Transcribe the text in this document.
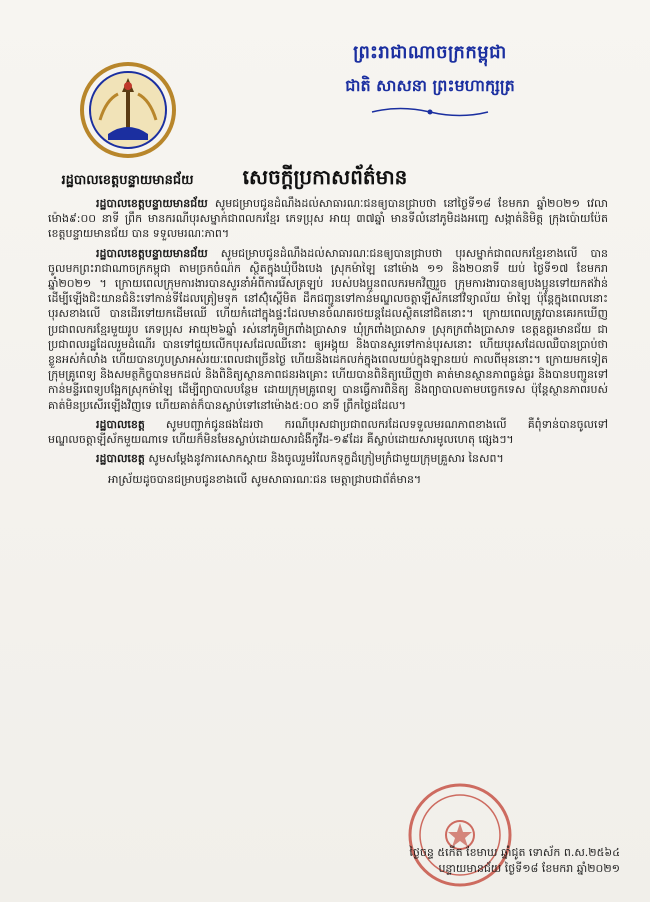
រដ្ឋបាលខេត្តបន្ទាយមានជ័យ
ព្រះរាជាណាចក្រកម្ពុជា
ជាតិ សាសនា ព្រះមហាក្សត្រ
សេចក្តីប្រកាសព័ត៌មាន

រដ្ឋបាលខេត្តបន្ទាយមានជ័យ សូមជម្រាបជូនដំណឹងដល់សាធារណៈជនឲ្យបានជ្រាបថា នៅថ្ងៃទី១៨ ខែមករា ឆ្នាំ២០២១ វេលាម៉ោង៩:០០ នាទី ព្រឹក មានករណីបុរសម្នាក់ជាពលករខ្មែរ ភេទប្រុស អាយុ ៣៧ឆ្នាំ មានទីលំនៅភូមិដងអញ្ជេ សង្កាត់និមិត្ត ក្រុងប៉ោយប៉ែត ខេត្តបន្ទាយមានជ័យ បាន ទទួលមរណៈភាព។

រដ្ឋបាលខេត្តបន្ទាយមានជ័យ សូមជម្រាបជូនដំណឹងដល់សាធារណៈជនឲ្យបានជ្រាបថា បុរសម្នាក់ជាពលករខ្មែរខាងលើ បានចូលមកព្រះរាជាណាចក្រកម្ពុជា តាមច្រកចំណ៉ក ស្ថិតក្នុងឃុំបឹងបេង ស្រុកម៉ាឡៃ នៅម៉ោង ១១ និង២០នាទី យប់ ថ្ងៃទី១៧ ខែមករា ឆ្នាំ២០២១ ។ ក្រោយពេលក្រុមការងារបានសួរនាំអំពីការរើសត្រឡប់ របស់បងប្អូនពលករមកវិញរួច ក្រុមការងារបានឲ្យបងប្អូនទៅយកឥវ៉ាន់ដើម្បីឡើងជិះយានជំនិះទៅកាន់ទីដែលត្រៀមទុក នៅស៊ុំស្ពើមិត ដឹកជញ្ជូនទៅកាន់មណ្ឌលចត្តាឡីស័កនៅវិទ្យាល័យ ម៉ាឡៃ ប៉ុន្តែក្នុងពេលនោះបុរសខាងលើ បានដើរទៅយកដើមឈើ ហើយកំដៅក្នុងផ្ទះដែលមានចំណតរថយន្តដែលស្ថិតនៅជិតនោះ។ ក្រោយពេលត្រូវបានគេរកឃើញ ប្រជាពលករខ្មែរមួយរូប ភេទប្រុស អាយុ២៦ឆ្នាំ រស់នៅភូមិក្រពាំងប្រាសាទ ឃុំក្រពាំងប្រាសាទ ស្រុកក្រពាំងប្រាសាទ ខេត្តឧត្តរមានជ័យ ជាប្រជាពលរដ្ឋដែលរួមដំណើរ បានទៅជួយលើកបុរសដែលឈឺនោះ ឲ្យអង្គុយ និងបានសួរទៅកាន់បុរសនោះ ហើយបុរសដែលឈឺបានប្រាប់ថា ខ្លួនអស់កំលាំង ហើយបានហូបស្រាអស់រយៈពេលជាច្រើនថ្ងៃ ហើយនិងដេកលក់ក្នុងពេលយប់ក្នុងឡានយប់ កាលពីមុននោះ។ ក្រោយមកទៀតក្រុមគ្រូពេទ្យ និងសមត្ថកិច្ចបានមកដល់ និងពិនិត្យស្ថានភាពជនរងគ្រោះ ហើយបានពិនិត្យឃើញថា គាត់មានស្ថានភាពធ្ងន់ធ្ងរ និងបានបញ្ជូនទៅកាន់មន្ទីរពេទ្យបង្អែកស្រុកម៉ាឡៃ ដើម្បីព្យាបាលបន្ថែម ដោយក្រុមគ្រូពេទ្យ បានធ្វើការពិនិត្យ និងព្យាបាលតាមបច្ចេកទេស ប៉ុន្តែស្ថានភាពរបស់គាត់មិនប្រសើរឡើងវិញទេ ហើយគាត់ក៏បានស្លាប់ទៅនៅម៉ោង៥:០០ នាទី ព្រឹកថ្ងៃដដែល។

រដ្ឋបាលខេត្ត សូមបញ្ជាក់ជូនផងដែរថា ករណីបុរសជាប្រជាពលករដែលទទួលមរណភាពខាងលើ គឺពុំទាន់បានចូលទៅមណ្ឌលចត្តាឡីស័កមួយណាទេ ហើយក៏មិនមែនស្លាប់ដោយសារជំងឺកូវីដ-១៩ដែរ គឺស្លាប់ដោយសារមូលហេតុ ផ្សេងៗ។

រដ្ឋបាលខេត្ត សូមសម្តែងនូវការសោកស្តាយ និងចូលរួមរំលែកទុក្ខដ៏ក្រៀមក្រំជាមួយក្រុមគ្រួសារ នៃសព។

អាស្រ័យដូចបានជម្រាបជូនខាងលើ សូមសាធារណៈជន មេត្តាជ្រាបជាព័ត៌មាន។

ថ្ងៃចន្ទ ៥កើត ខែមាឃ ឆ្នាំជូត ទោស័ក ព.ស.២៥៦៤
បន្ទាយមានជ័យ ថ្ងៃទី១៨ ខែមករា ឆ្នាំ២០២១
